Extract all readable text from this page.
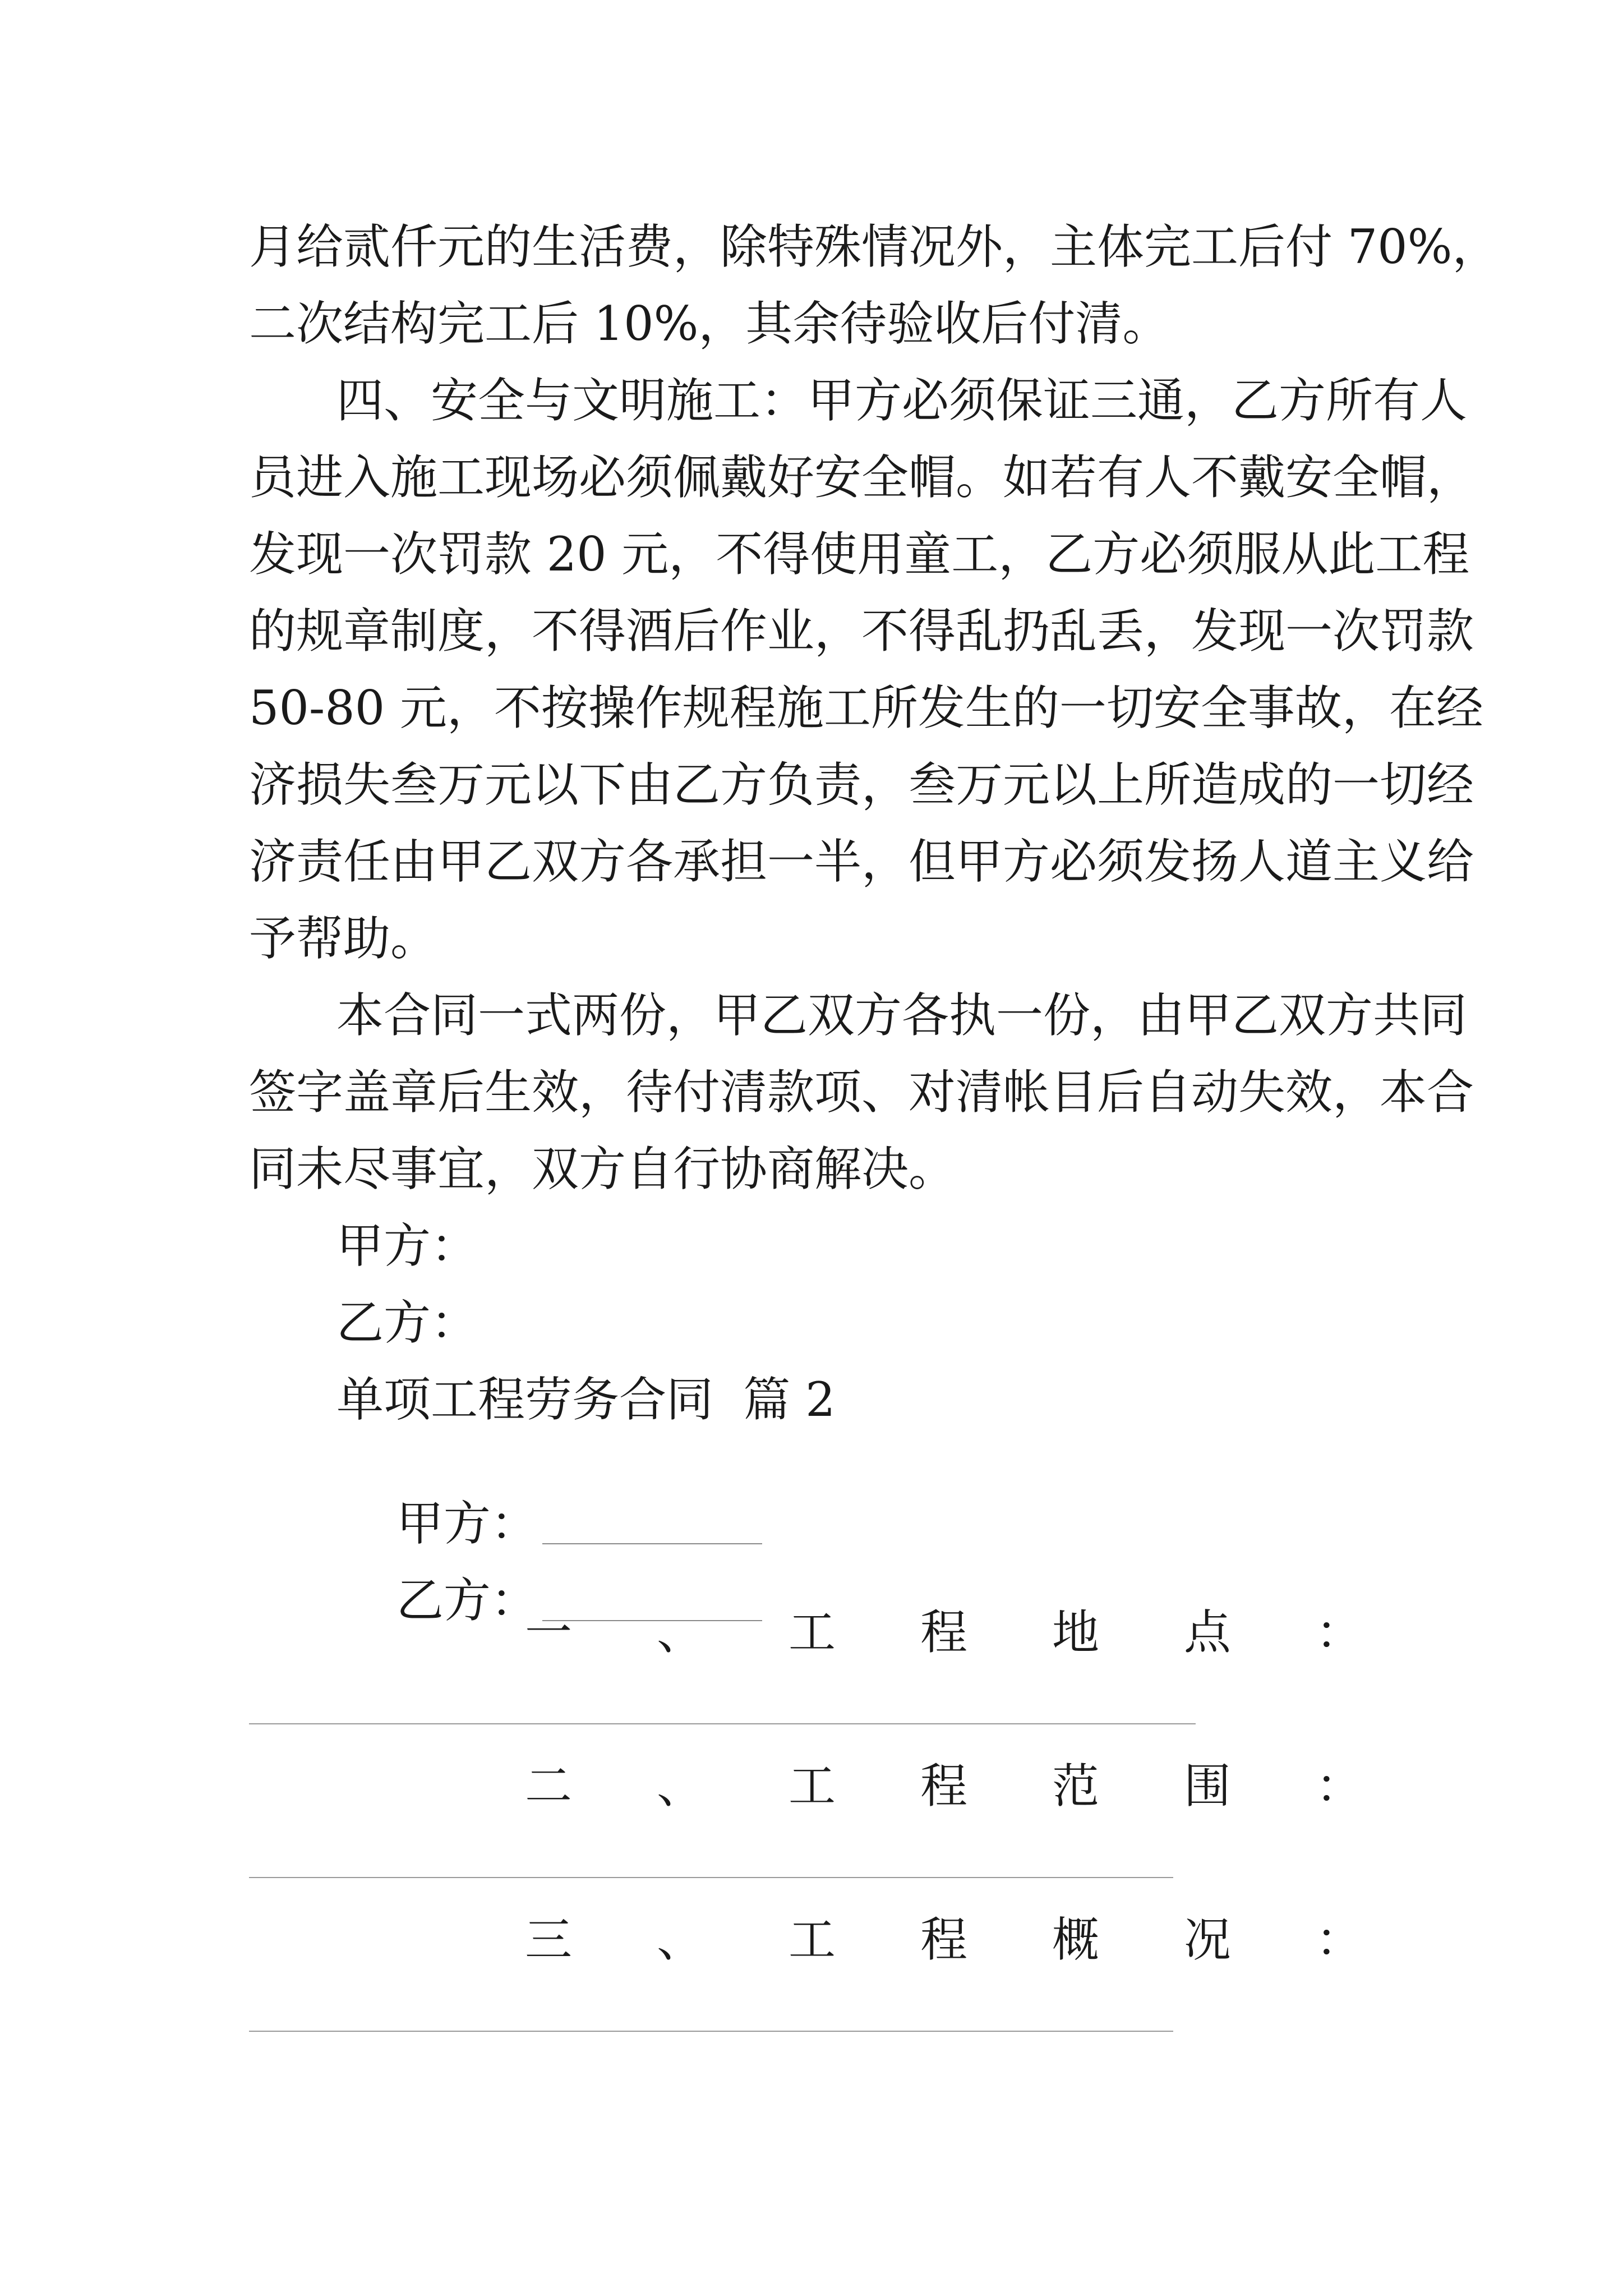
月给贰仟元的生活费，除特殊情况外，主体完工后付 70%，
二次结构完工后 10%，其余待验收后付清。
四、安全与文明施工：甲方必须保证三通，乙方所有人
员进入施工现场必须佩戴好安全帽。如若有人不戴安全帽，
发现一次罚款 20 元，不得使用童工，乙方必须服从此工程
的规章制度，不得酒后作业，不得乱扔乱丢，发现一次罚款
50-80 元，不按操作规程施工所发生的一切安全事故，在经
济损失叁万元以下由乙方负责，叁万元以上所造成的一切经
济责任由甲乙双方各承担一半，但甲方必须发扬人道主义给
予帮助。
本合同一式两份，甲乙双方各执一份，由甲乙双方共同
签字盖章后生效，待付清款项、对清帐目后自动失效，本合
同未尽事宜，双方自行协商解决。
甲方：
乙方：
单项工程劳务合同  篇 2

甲方：

乙方：

一 、 工 程 地 点 ：
二 、 工 程 范 围 ：
三 、 工 程 概 况 ：
